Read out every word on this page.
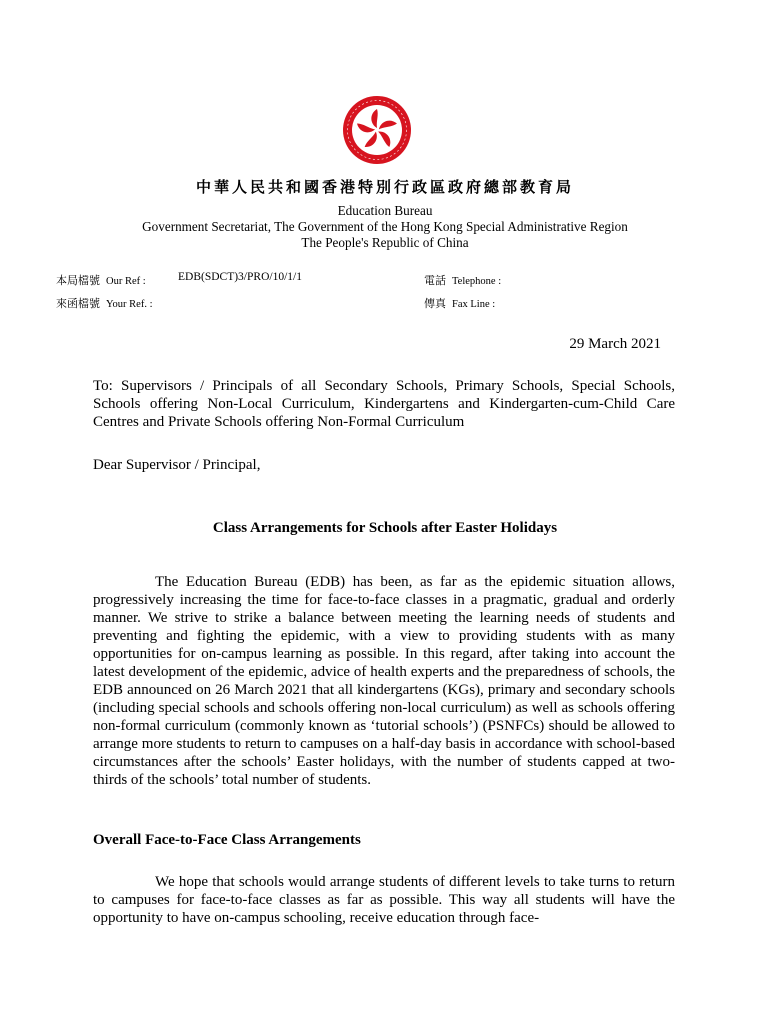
中華人民共和國香港特別行政區政府總部教育局
Education Bureau
Government Secretariat, The Government of the Hong Kong Special Administrative Region
The People's Republic of China
本局檔號 Our Ref :	EDB(SDCT)3/PRO/10/1/1
來函檔號 Your Ref. :
電話 Telephone :
傳真 Fax Line :
29 March 2021
To: Supervisors / Principals of all Secondary Schools, Primary Schools, Special Schools, Schools offering Non-Local Curriculum, Kindergartens and Kindergarten-cum-Child Care Centres and Private Schools offering Non-Formal Curriculum
Dear Supervisor / Principal,
Class Arrangements for Schools after Easter Holidays
The Education Bureau (EDB) has been, as far as the epidemic situation allows, progressively increasing the time for face-to-face classes in a pragmatic, gradual and orderly manner. We strive to strike a balance between meeting the learning needs of students and preventing and fighting the epidemic, with a view to providing students with as many opportunities for on-campus learning as possible. In this regard, after taking into account the latest development of the epidemic, advice of health experts and the preparedness of schools, the EDB announced on 26 March 2021 that all kindergartens (KGs), primary and secondary schools (including special schools and schools offering non-local curriculum) as well as schools offering non-formal curriculum (commonly known as ‘tutorial schools’) (PSNFCs) should be allowed to arrange more students to return to campuses on a half-day basis in accordance with school-based circumstances after the schools’ Easter holidays, with the number of students capped at two-thirds of the schools’ total number of students.
Overall Face-to-Face Class Arrangements
We hope that schools would arrange students of different levels to take turns to return to campuses for face-to-face classes as far as possible. This way all students will have the opportunity to have on-campus schooling, receive education through face-
